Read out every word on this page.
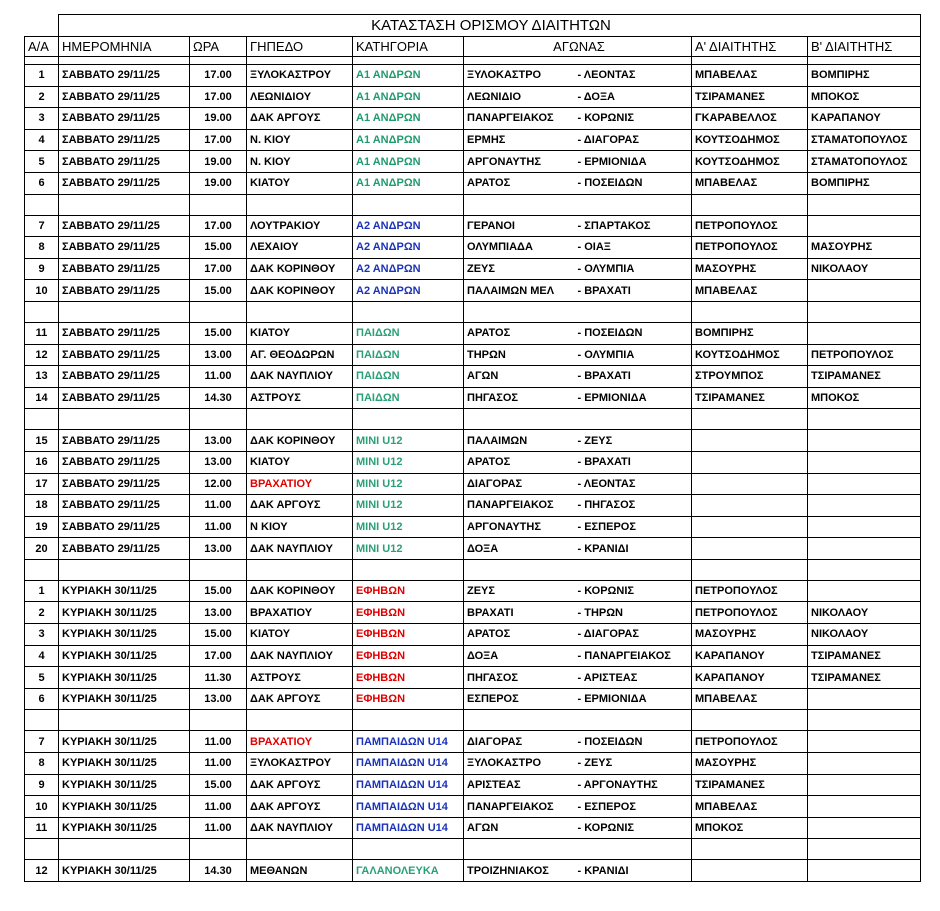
	ΚΑΤΑΣΤΑΣΗ ΟΡΙΣΜΟΥ ΔΙΑΙΤΗΤΩΝ							
Α/Α	ΗΜΕΡΟΜΗΝΙΑ	ΩΡΑ	ΓΗΠΕΔΟ	ΚΑΤΗΓΟΡΙΑ	ΑΓΩΝΑΣ		Α' ΔΙΑΙΤΗΤΗΣ	Β' ΔΙΑΙΤΗΤΗΣ

1	ΣΑΒΒΑΤΟ 29/11/25	17.00	ΞΥΛΟΚΑΣΤΡΟΥ	Α1 ΑΝΔΡΩΝ	ΞΥΛΟΚΑΣΤΡΟ	- ΛΕΟΝΤΑΣ	ΜΠΑΒΕΛΑΣ	ΒΟΜΠΙΡΗΣ
2	ΣΑΒΒΑΤΟ 29/11/25	17.00	ΛΕΩΝΙΔΙΟΥ	Α1 ΑΝΔΡΩΝ	ΛΕΩΝΙΔΙΟ	- ΔΟΞΑ	ΤΣΙΡΑΜΑΝΕΣ	ΜΠΟΚΟΣ
3	ΣΑΒΒΑΤΟ 29/11/25	19.00	ΔΑΚ ΑΡΓΟΥΣ	Α1 ΑΝΔΡΩΝ	ΠΑΝΑΡΓΕΙΑΚΟΣ	- ΚΟΡΩΝΙΣ	ΓΚΑΡΑΒΕΛΛΟΣ	ΚΑΡΑΠΑΝΟΥ
4	ΣΑΒΒΑΤΟ 29/11/25	17.00	Ν. ΚΙΟΥ	Α1 ΑΝΔΡΩΝ	ΕΡΜΗΣ	- ΔΙΑΓΟΡΑΣ	ΚΟΥΤΣΟΔΗΜΟΣ	ΣΤΑΜΑΤΟΠΟΥΛΟΣ
5	ΣΑΒΒΑΤΟ 29/11/25	19.00	Ν. ΚΙΟΥ	Α1 ΑΝΔΡΩΝ	ΑΡΓΟΝΑΥΤΗΣ	- ΕΡΜΙΟΝΙΔΑ	ΚΟΥΤΣΟΔΗΜΟΣ	ΣΤΑΜΑΤΟΠΟΥΛΟΣ
6	ΣΑΒΒΑΤΟ 29/11/25	19.00	ΚΙΑΤΟΥ	Α1 ΑΝΔΡΩΝ	ΑΡΑΤΟΣ	- ΠΟΣΕΙΔΩΝ	ΜΠΑΒΕΛΑΣ	ΒΟΜΠΙΡΗΣ

7	ΣΑΒΒΑΤΟ 29/11/25	17.00	ΛΟΥΤΡΑΚΙΟΥ	Α2 ΑΝΔΡΩΝ	ΓΕΡΑΝΟΙ	- ΣΠΑΡΤΑΚΟΣ	ΠΕΤΡΟΠΟΥΛΟΣ	
8	ΣΑΒΒΑΤΟ 29/11/25	15.00	ΛΕΧΑΙΟΥ	Α2 ΑΝΔΡΩΝ	ΟΛΥΜΠΙΑΔΑ	- ΟΙΑΞ	ΠΕΤΡΟΠΟΥΛΟΣ	ΜΑΣΟΥΡΗΣ
9	ΣΑΒΒΑΤΟ 29/11/25	17.00	ΔΑΚ ΚΟΡΙΝΘΟΥ	Α2 ΑΝΔΡΩΝ	ΖΕΥΣ	- ΟΛΥΜΠΙΑ	ΜΑΣΟΥΡΗΣ	ΝΙΚΟΛΑΟΥ
10	ΣΑΒΒΑΤΟ 29/11/25	15.00	ΔΑΚ ΚΟΡΙΝΘΟΥ	Α2 ΑΝΔΡΩΝ	ΠΑΛΑΙΜΩΝ ΜΕΛ	- ΒΡΑΧΑΤΙ	ΜΠΑΒΕΛΑΣ	

11	ΣΑΒΒΑΤΟ 29/11/25	15.00	ΚΙΑΤΟΥ	ΠΑΙΔΩΝ	ΑΡΑΤΟΣ	- ΠΟΣΕΙΔΩΝ	ΒΟΜΠΙΡΗΣ	
12	ΣΑΒΒΑΤΟ 29/11/25	13.00	ΑΓ. ΘΕΟΔΩΡΩΝ	ΠΑΙΔΩΝ	ΤΗΡΩΝ	- ΟΛΥΜΠΙΑ	ΚΟΥΤΣΟΔΗΜΟΣ	ΠΕΤΡΟΠΟΥΛΟΣ
13	ΣΑΒΒΑΤΟ 29/11/25	11.00	ΔΑΚ ΝΑΥΠΛΙΟΥ	ΠΑΙΔΩΝ	ΑΓΩΝ	- ΒΡΑΧΑΤΙ	ΣΤΡΟΥΜΠΟΣ	ΤΣΙΡΑΜΑΝΕΣ
14	ΣΑΒΒΑΤΟ 29/11/25	14.30	ΑΣΤΡΟΥΣ	ΠΑΙΔΩΝ	ΠΗΓΑΣΟΣ	- ΕΡΜΙΟΝΙΔΑ	ΤΣΙΡΑΜΑΝΕΣ	ΜΠΟΚΟΣ

15	ΣΑΒΒΑΤΟ 29/11/25	13.00	ΔΑΚ ΚΟΡΙΝΘΟΥ	MINI U12	ΠΑΛΑΙΜΩΝ	- ΖΕΥΣ		
16	ΣΑΒΒΑΤΟ 29/11/25	13.00	ΚΙΑΤΟΥ	MINI U12	ΑΡΑΤΟΣ	- ΒΡΑΧΑΤΙ		
17	ΣΑΒΒΑΤΟ 29/11/25	12.00	ΒΡΑΧΑΤΙΟΥ	MINI U12	ΔΙΑΓΟΡΑΣ	- ΛΕΟΝΤΑΣ		
18	ΣΑΒΒΑΤΟ 29/11/25	11.00	ΔΑΚ ΑΡΓΟΥΣ	MINI U12	ΠΑΝΑΡΓΕΙΑΚΟΣ	- ΠΗΓΑΣΟΣ		
19	ΣΑΒΒΑΤΟ 29/11/25	11.00	Ν ΚΙΟΥ	MINI U12	ΑΡΓΟΝΑΥΤΗΣ	- ΕΣΠΕΡΟΣ		
20	ΣΑΒΒΑΤΟ 29/11/25	13.00	ΔΑΚ ΝΑΥΠΛΙΟΥ	MINI U12	ΔΟΞΑ	- ΚΡΑΝΙΔΙ		

1	ΚΥΡΙΑΚΗ 30/11/25	15.00	ΔΑΚ ΚΟΡΙΝΘΟΥ	ΕΦΗΒΩΝ	ΖΕΥΣ	- ΚΟΡΩΝΙΣ	ΠΕΤΡΟΠΟΥΛΟΣ	
2	ΚΥΡΙΑΚΗ 30/11/25	13.00	ΒΡΑΧΑΤΙΟΥ	ΕΦΗΒΩΝ	ΒΡΑΧΑΤΙ	- ΤΗΡΩΝ	ΠΕΤΡΟΠΟΥΛΟΣ	ΝΙΚΟΛΑΟΥ
3	ΚΥΡΙΑΚΗ 30/11/25	15.00	ΚΙΑΤΟΥ	ΕΦΗΒΩΝ	ΑΡΑΤΟΣ	- ΔΙΑΓΟΡΑΣ	ΜΑΣΟΥΡΗΣ	ΝΙΚΟΛΑΟΥ
4	ΚΥΡΙΑΚΗ 30/11/25	17.00	ΔΑΚ ΝΑΥΠΛΙΟΥ	ΕΦΗΒΩΝ	ΔΟΞΑ	- ΠΑΝΑΡΓΕΙΑΚΟΣ	ΚΑΡΑΠΑΝΟΥ	ΤΣΙΡΑΜΑΝΕΣ
5	ΚΥΡΙΑΚΗ 30/11/25	11.30	ΑΣΤΡΟΥΣ	ΕΦΗΒΩΝ	ΠΗΓΑΣΟΣ	- ΑΡΙΣΤΕΑΣ	ΚΑΡΑΠΑΝΟΥ	ΤΣΙΡΑΜΑΝΕΣ
6	ΚΥΡΙΑΚΗ 30/11/25	13.00	ΔΑΚ ΑΡΓΟΥΣ	ΕΦΗΒΩΝ	ΕΣΠΕΡΟΣ	- ΕΡΜΙΟΝΙΔΑ	ΜΠΑΒΕΛΑΣ	

7	ΚΥΡΙΑΚΗ 30/11/25	11.00	ΒΡΑΧΑΤΙΟΥ	ΠΑΜΠΑΙΔΩΝ U14	ΔΙΑΓΟΡΑΣ	- ΠΟΣΕΙΔΩΝ	ΠΕΤΡΟΠΟΥΛΟΣ	
8	ΚΥΡΙΑΚΗ 30/11/25	11.00	ΞΥΛΟΚΑΣΤΡΟΥ	ΠΑΜΠΑΙΔΩΝ U14	ΞΥΛΟΚΑΣΤΡΟ	- ΖΕΥΣ	ΜΑΣΟΥΡΗΣ	
9	ΚΥΡΙΑΚΗ 30/11/25	15.00	ΔΑΚ ΑΡΓΟΥΣ	ΠΑΜΠΑΙΔΩΝ U14	ΑΡΙΣΤΕΑΣ	- ΑΡΓΟΝΑΥΤΗΣ	ΤΣΙΡΑΜΑΝΕΣ	
10	ΚΥΡΙΑΚΗ 30/11/25	11.00	ΔΑΚ ΑΡΓΟΥΣ	ΠΑΜΠΑΙΔΩΝ U14	ΠΑΝΑΡΓΕΙΑΚΟΣ	- ΕΣΠΕΡΟΣ	ΜΠΑΒΕΛΑΣ	
11	ΚΥΡΙΑΚΗ 30/11/25	11.00	ΔΑΚ ΝΑΥΠΛΙΟΥ	ΠΑΜΠΑΙΔΩΝ U14	ΑΓΩΝ	- ΚΟΡΩΝΙΣ	ΜΠΟΚΟΣ	

12	ΚΥΡΙΑΚΗ 30/11/25	14.30	ΜΕΘΑΝΩΝ	ΓΑΛΑΝΟΛΕΥΚΑ	ΤΡΟΙΖΗΝΙΑΚΟΣ	- ΚΡΑΝΙΔΙ		
